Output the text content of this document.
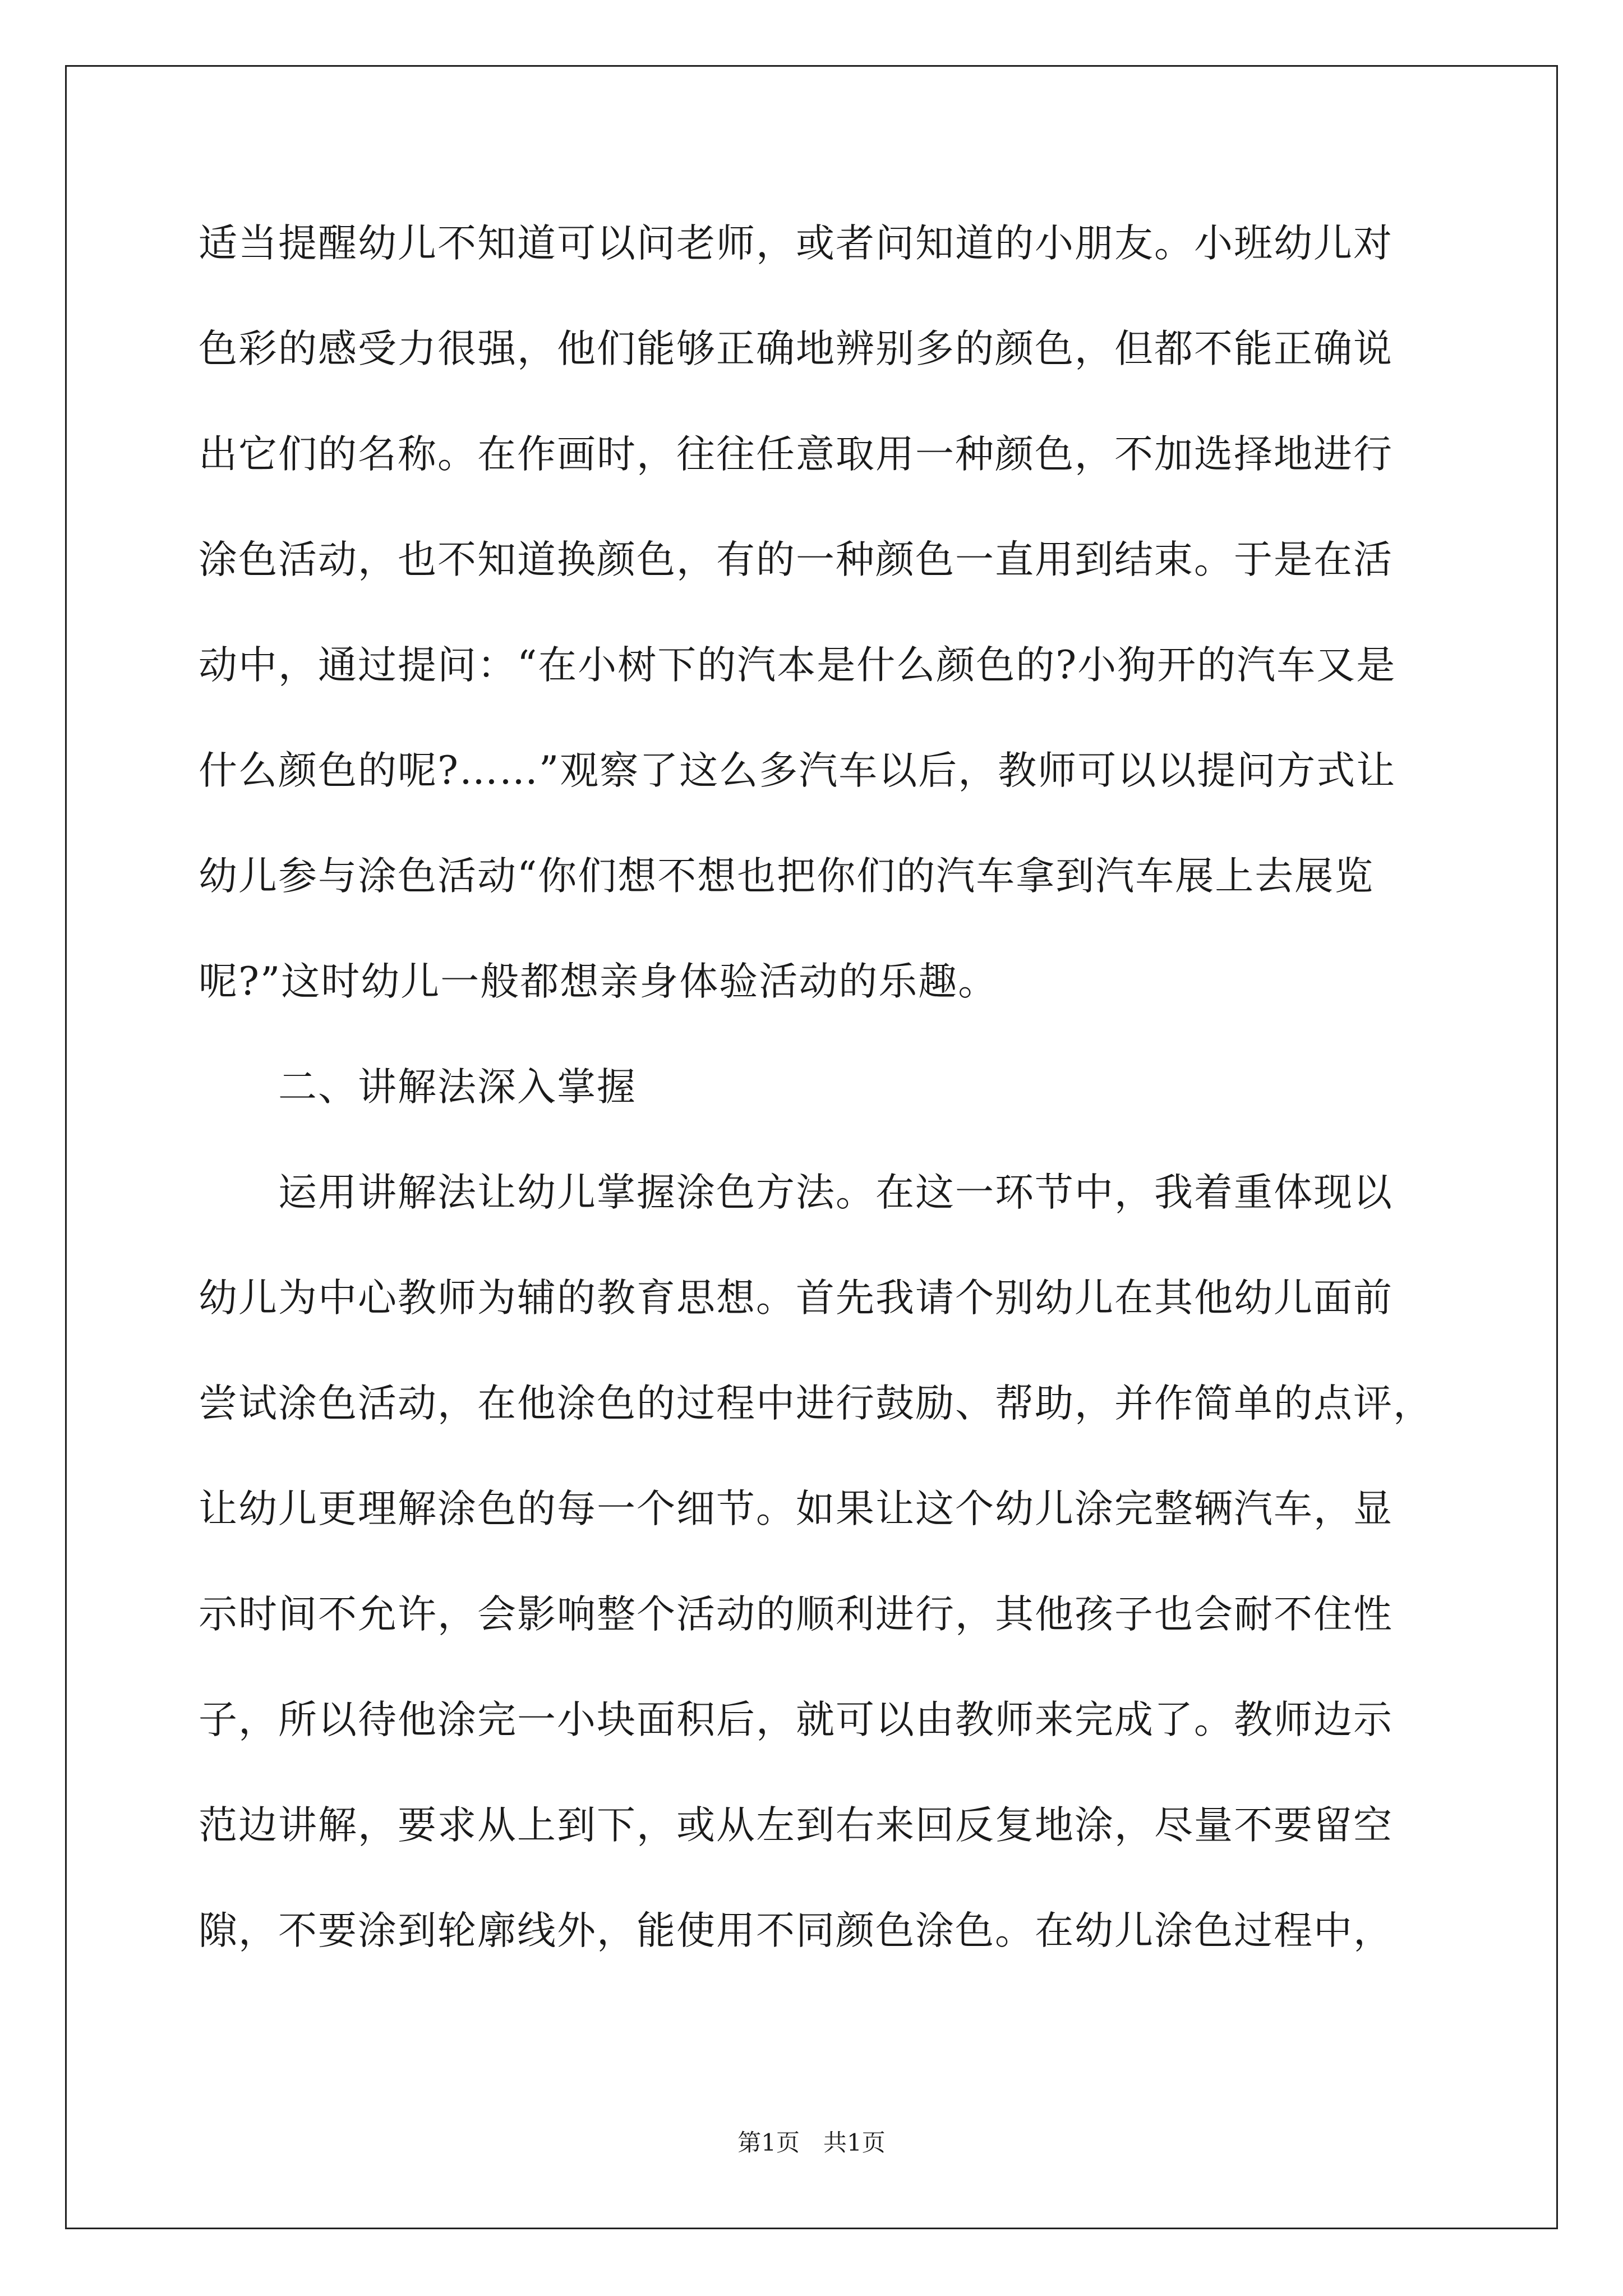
适当提醒幼儿不知道可以问老师，或者问知道的小朋友。小班幼儿对
色彩的感受力很强，他们能够正确地辨别多的颜色，但都不能正确说
出它们的名称。在作画时，往往任意取用一种颜色，不加选择地进行
涂色活动，也不知道换颜色，有的一种颜色一直用到结束。于是在活
动中，通过提问：“在小树下的汽本是什么颜色的?小狗开的汽车又是
什么颜色的呢?……”观察了这么多汽车以后，教师可以以提问方式让
幼儿参与涂色活动“你们想不想也把你们的汽车拿到汽车展上去展览
呢?”这时幼儿一般都想亲身体验活动的乐趣。
　　二、讲解法深入掌握
　　运用讲解法让幼儿掌握涂色方法。在这一环节中，我着重体现以
幼儿为中心教师为辅的教育思想。首先我请个别幼儿在其他幼儿面前
尝试涂色活动，在他涂色的过程中进行鼓励、帮助，并作简单的点评，
让幼儿更理解涂色的每一个细节。如果让这个幼儿涂完整辆汽车，显
示时间不允许，会影响整个活动的顺利进行，其他孩子也会耐不住性
子，所以待他涂完一小块面积后，就可以由教师来完成了。教师边示
范边讲解，要求从上到下，或从左到右来回反复地涂，尽量不要留空
隙，不要涂到轮廓线外，能使用不同颜色涂色。在幼儿涂色过程中，
第1页　共1页
